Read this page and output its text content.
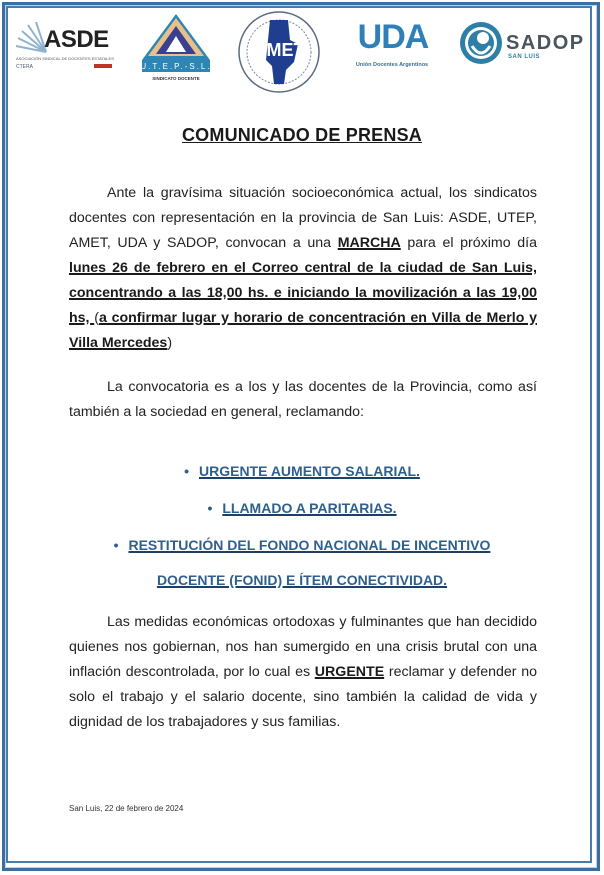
ASDE
ASOCIACIÓN SINDICAL DE DOCENTES ESTATALES
CTERA	U.T.E.P.-S.L.
SINDICATO DOCENTE
AMET	UDA
Unión Docentes Argentinos
SADOP
SAN LUIS
COMUNICADO DE PRENSA
Ante la gravísima situación socioeconómica actual, los sindicatos docentes con representación en la provincia de San Luis: ASDE, UTEP, AMET, UDA y SADOP, convocan a una MARCHA para el próximo día lunes 26 de febrero en el Correo central de la ciudad de San Luis, concentrando a las 18,00 hs. e iniciando la movilización a las 19,00 hs, (a confirmar lugar y horario de concentración en Villa de Merlo y Villa Mercedes)
La convocatoria es a los y las docentes de la Provincia, como así también a la sociedad en general, reclamando:
• URGENTE AUMENTO SALARIAL.
• LLAMADO A PARITARIAS.
• RESTITUCIÓN DEL FONDO NACIONAL DE INCENTIVO
DOCENTE (FONID) E ÍTEM CONECTIVIDAD.
Las medidas económicas ortodoxas y fulminantes que han decidido quienes nos gobiernan, nos han sumergido en una crisis brutal con una inflación descontrolada, por lo cual es URGENTE reclamar y defender no solo el trabajo y el salario docente, sino también la calidad de vida y dignidad de los trabajadores y sus familias.
San Luis, 22 de febrero de 2024
